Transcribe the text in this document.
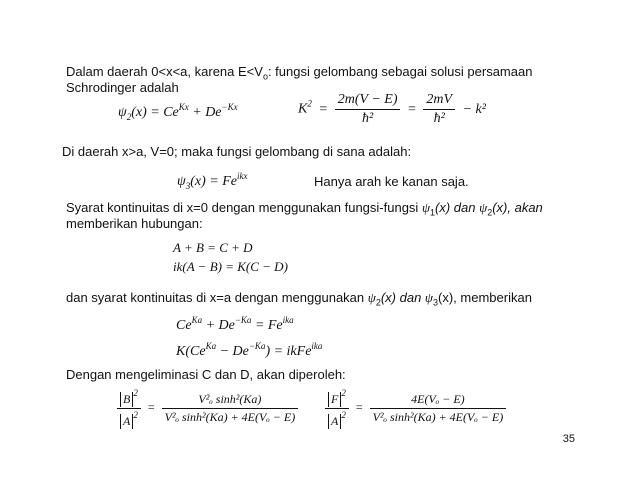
Dalam daerah 0<x<a, karena $E<V_o$: fungsi gelombang sebagai solusi persamaan
Schrodinger adalah
$\psi_2(x) = Ce^{Kx} + De^{-Kx}$	$K^2 = \frac{2m(V - E)}{\text{ħ²}} = \frac{2mV}{\text{ħ²}} - k^2$
Di daerah x>a, V=0; maka fungsi gelombang di sana adalah:
$\psi_3(x) = Fe^{ikx}$	Hanya arah ke kanan saja.
Syarat kontinuitas di x=0 dengan menggunakan fungsi-fungsi $\psi_1(x)$ dan $\psi_2(x)$, akan
memberikan hubungan:
A + B = C + D
ik(A − B) = K(C − D)
dan syarat kontinuitas di x=a dengan menggunakan $\psi_2(x)$ dan $\psi_3(x)$, memberikan
$Ce^{Ka} + De^{-Ka} = Fe^{ika}$
$K(Ce^{Ka} - De^{-Ka})$ = ikFe$^{ika}$
Dengan mengeliminasi C dan D, akan diperoleh:
$\frac{B ^2}{A ^2} = \frac{\text{V²ₒ sinh²(Ka)}}{\text{V²ₒ sinh²(Ka) + 4E(Vₒ − E)}} \frac{F ^2}{A ^2} = \frac{\text{4E(Vₒ − E)}}{\text{V²ₒ sinh²(Ka) + 4E(Vₒ − E)}}$
35
